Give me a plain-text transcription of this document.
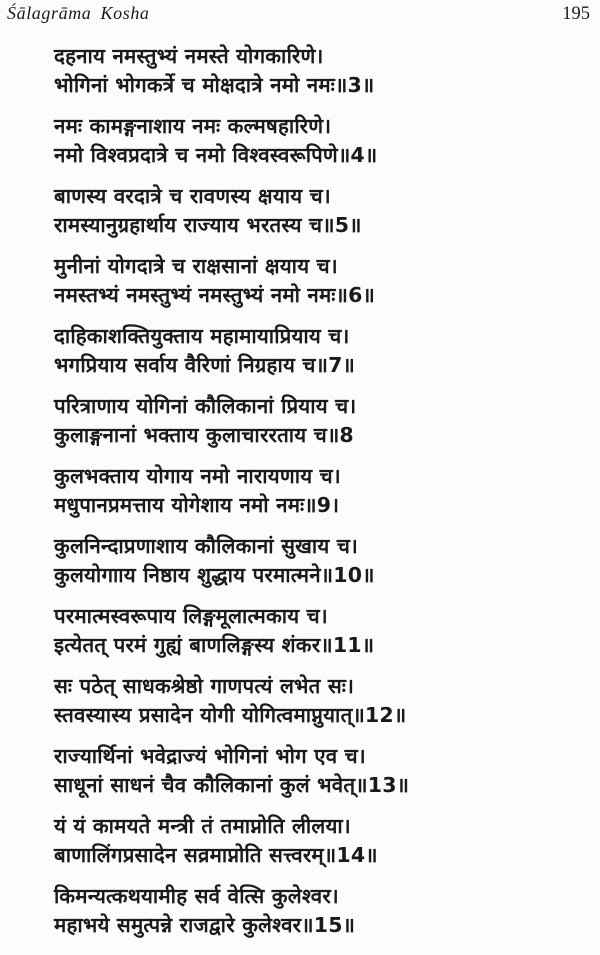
Śālagrāma Kosha	195

दहनाय नमस्तुभ्यं नमस्ते योगकारिणे।

भोगिनां भोगकर्त्रे च मोक्षदात्रे नमो नमः॥3॥

नमः कामङ्गनाशाय नमः कल्मषहारिणे।

नमो विश्वप्रदात्रे च नमो विश्वस्वरूपिणे॥4॥

बाणस्य वरदात्रे च रावणस्य क्षयाय च।

रामस्यानुग्रहार्थाय राज्याय भरतस्य च॥5॥

मुनीनां योगदात्रे च राक्षसानां क्षयाय च।

नमस्तभ्यं नमस्तुभ्यं नमस्तुभ्यं नमो नमः॥6॥

दाहिकाशक्तियुक्ताय महामायाप्रियाय च।

भगप्रियाय सर्वाय वैरिणां निग्रहाय च॥7॥

परित्राणाय योगिनां कौलिकानां प्रियाय च।

कुलाङ्गनानां भक्ताय कुलाचाररताय च॥8

कुलभक्ताय योगाय नमो नारायणाय च।

मधुपानप्रमत्ताय योगेशाय नमो नमः॥9।

कुलनिन्दाप्रणाशाय कौलिकानां सुखाय च।

कुलयोगााय निष्ठाय शुद्धाय परमात्मने॥10॥

परमात्मस्वरूपाय लिङ्गमूलात्मकाय च।

इत्येतत् परमं गुह्यं बाणलिङ्गस्य शंकर॥11॥

सः पठेत् साधकश्रेष्ठो गाणपत्यं लभेत सः।

स्तवस्यास्य प्रसादेन योगी योगित्वमाप्नुयात्॥12॥

राज्यार्थिनां भवेद्राज्यं भोगिनां भोग एव च।

साधूनां साधनं चैव कौलिकानां कुलं भवेत्॥13॥

यं यं कामयते मन्त्री तं तमाप्नोति लीलया।

बाणालिंगप्रसादेन सव्रमाप्नोति सत्त्वरम्॥14॥

किमन्यत्कथयामीह सर्व वेत्सि कुलेश्वर।

महाभये समुत्पन्ने राजद्वारे कुलेश्वर॥15॥
